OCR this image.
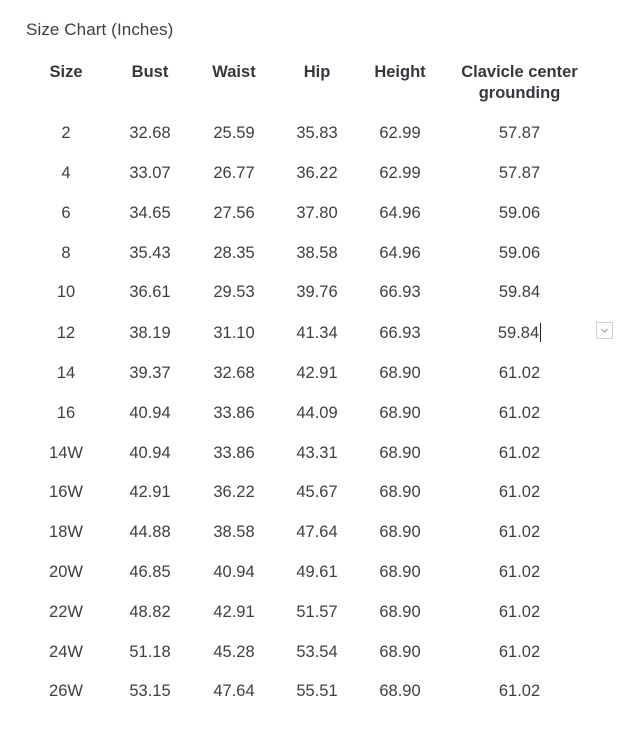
Size Chart (Inches)
Size	Bust	Waist	Hip	Height	Clavicle center grounding
2	32.68	25.59	35.83	62.99	57.87
4	33.07	26.77	36.22	62.99	57.87
6	34.65	27.56	37.80	64.96	59.06
8	35.43	28.35	38.58	64.96	59.06
10	36.61	29.53	39.76	66.93	59.84
12	38.19	31.10	41.34	66.93	59.84
14	39.37	32.68	42.91	68.90	61.02
16	40.94	33.86	44.09	68.90	61.02
14W	40.94	33.86	43.31	68.90	61.02
16W	42.91	36.22	45.67	68.90	61.02
18W	44.88	38.58	47.64	68.90	61.02
20W	46.85	40.94	49.61	68.90	61.02
22W	48.82	42.91	51.57	68.90	61.02
24W	51.18	45.28	53.54	68.90	61.02
26W	53.15	47.64	55.51	68.90	61.02
